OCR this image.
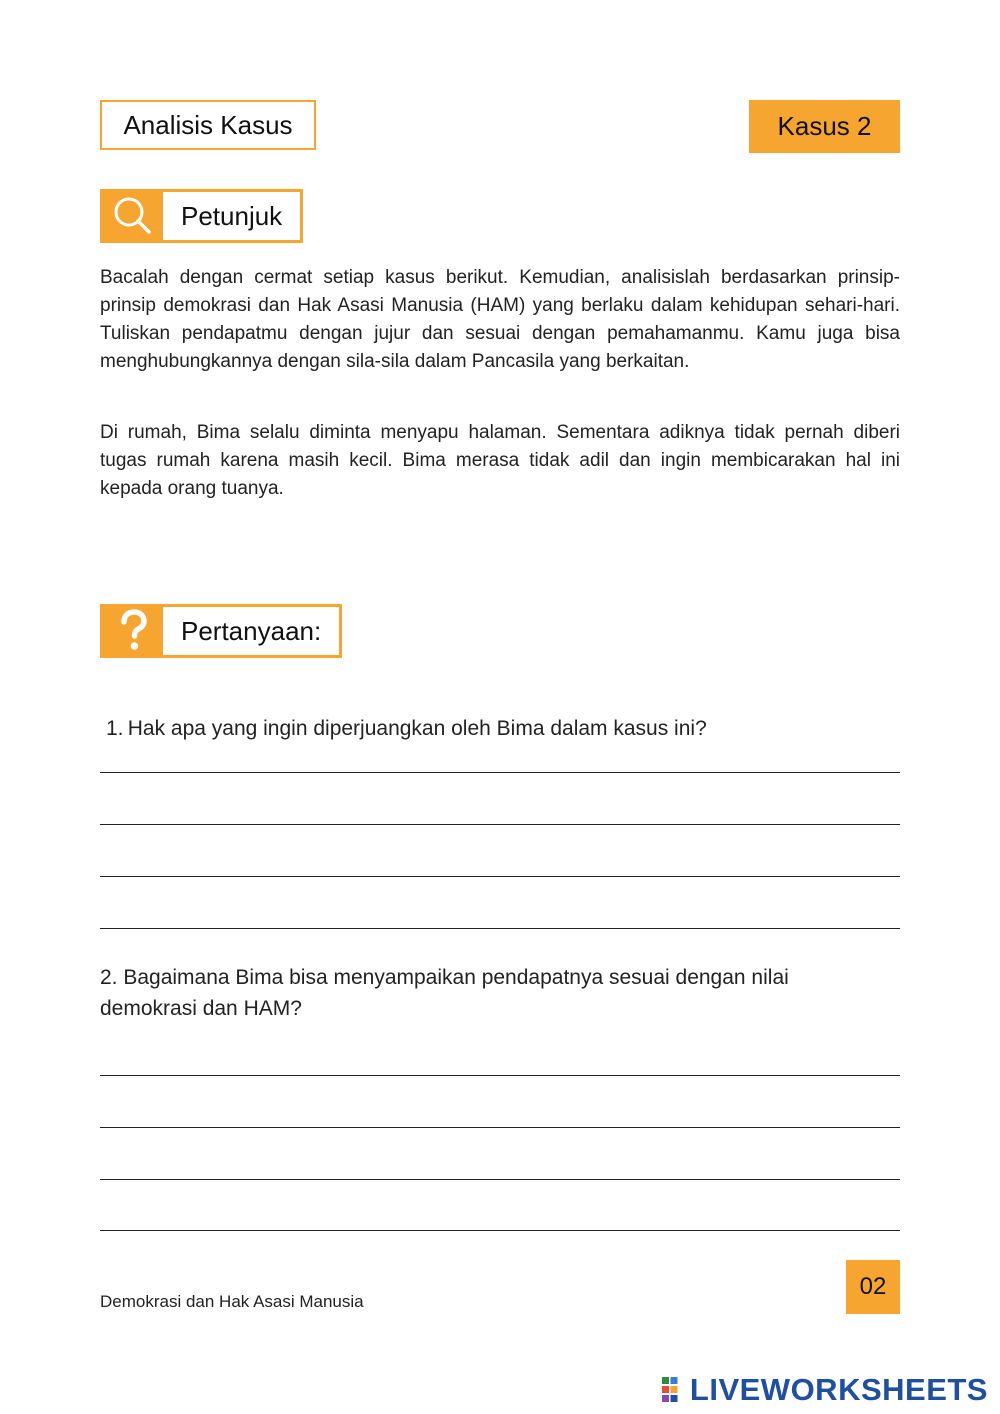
Analisis Kasus	Kasus 2
Petunjuk
Bacalah dengan cermat setiap kasus berikut. Kemudian, analisislah berdasarkan prinsip-prinsip demokrasi dan Hak Asasi Manusia (HAM) yang berlaku dalam kehidupan sehari-hari. Tuliskan pendapatmu dengan jujur dan sesuai dengan pemahamanmu. Kamu juga bisa menghubungkannya dengan sila-sila dalam Pancasila yang berkaitan.
Di rumah, Bima selalu diminta menyapu halaman. Sementara adiknya tidak pernah diberi tugas rumah karena masih kecil. Bima merasa tidak adil dan ingin membicarakan hal ini kepada orang tuanya.
Pertanyaan:
1. Hak apa yang ingin diperjuangkan oleh Bima dalam kasus ini?
2. Bagaimana Bima bisa menyampaikan pendapatnya sesuai dengan nilai demokrasi dan HAM?
Demokrasi dan Hak Asasi Manusia
02
LIVEWORKSHEETS
